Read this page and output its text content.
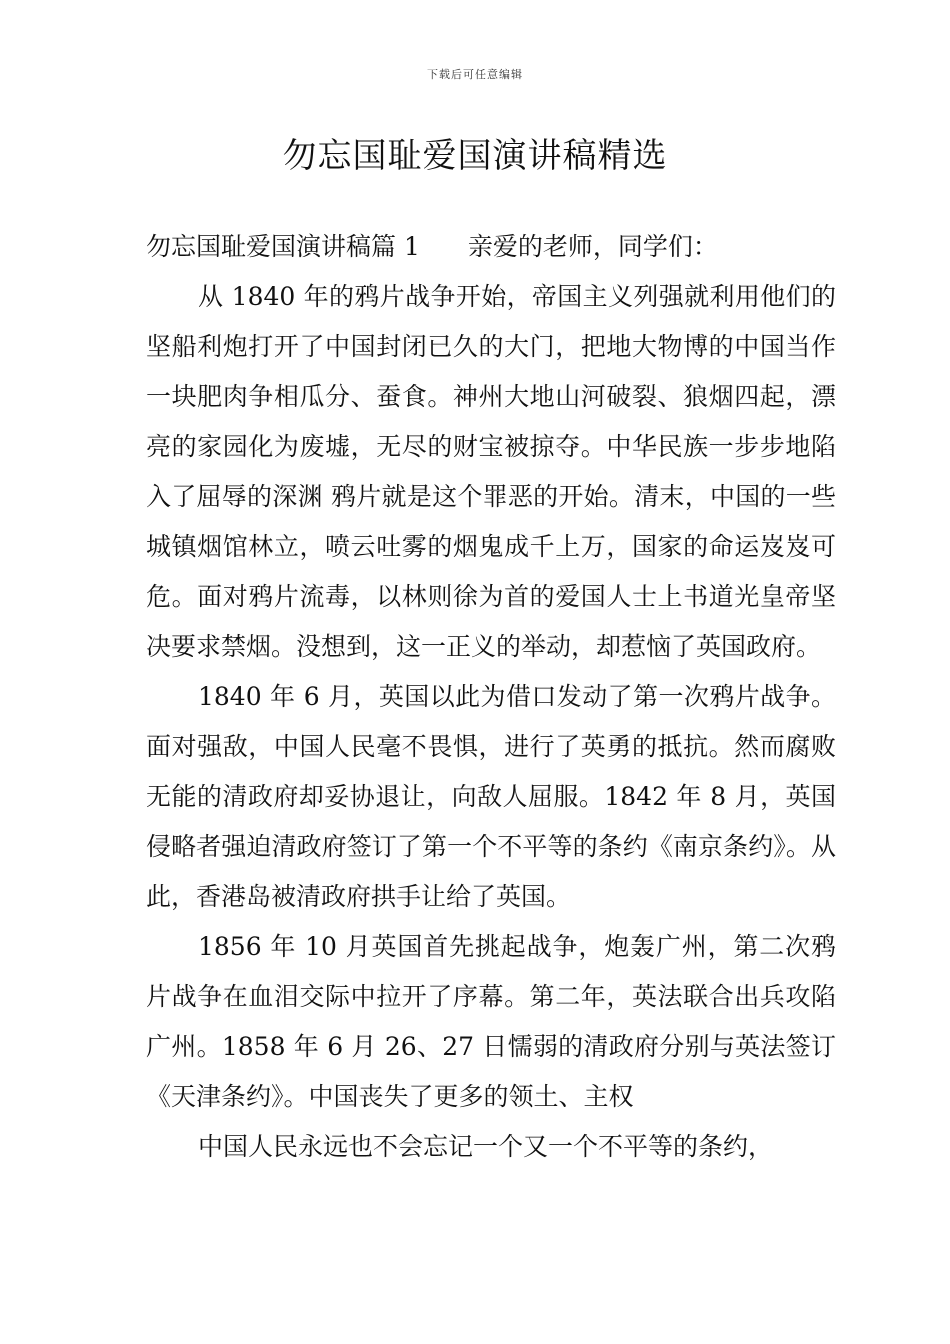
下载后可任意编辑
勿忘国耻爱国演讲稿精选

勿忘国耻爱国演讲稿篇 1 亲爱的老师，同学们：

从 1840 年的鸦片战争开始，帝国主义列强就利用他们的坚船利炮打开了中国封闭已久的大门，把地大物博的中国当作一块肥肉争相瓜分、蚕食。神州大地山河破裂、狼烟四起，漂亮的家园化为废墟，无尽的财宝被掠夺。中华民族一步步地陷入了屈辱的深渊 鸦片就是这个罪恶的开始。清末，中国的一些城镇烟馆林立，喷云吐雾的烟鬼成千上万，国家的命运岌岌可危。面对鸦片流毒，以林则徐为首的爱国人士上书道光皇帝坚决要求禁烟。没想到，这一正义的举动，却惹恼了英国政府。

1840 年 6 月，英国以此为借口发动了第一次鸦片战争。面对强敌，中国人民毫不畏惧，进行了英勇的抵抗。然而腐败无能的清政府却妥协退让，向敌人屈服。1842 年 8 月，英国侵略者强迫清政府签订了第一个不平等的条约《南京条约》。从此，香港岛被清政府拱手让给了英国。

1856 年 10 月英国首先挑起战争，炮轰广州，第二次鸦片战争在血泪交际中拉开了序幕。第二年，英法联合出兵攻陷广州。1858 年 6 月 26、27 日懦弱的清政府分别与英法签订《天津条约》。中国丧失了更多的领土、主权

中国人民永远也不会忘记一个又一个不平等的条约，
